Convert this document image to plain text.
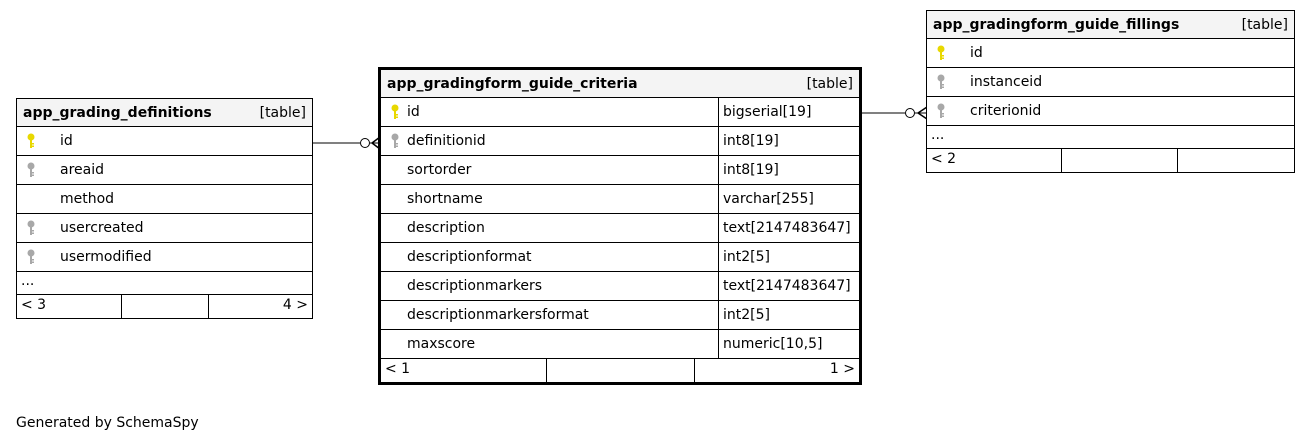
app_grading_definitions	[table]
id
areaid
method
usercreated
usermodified
...
< 3	4 >
app_gradingform_guide_criteria	[table]
id	bigserial[19]
definitionid	int8[19]
sortorder	int8[19]
shortname	varchar[255]
description	text[2147483647]
descriptionformat	int2[5]
descriptionmarkers	text[2147483647]
descriptionmarkersformat	int2[5]
maxscore	numeric[10,5]
< 1	1 >
app_gradingform_guide_fillings	[table]
id
instanceid
criterionid
...
< 2
Generated by SchemaSpy
